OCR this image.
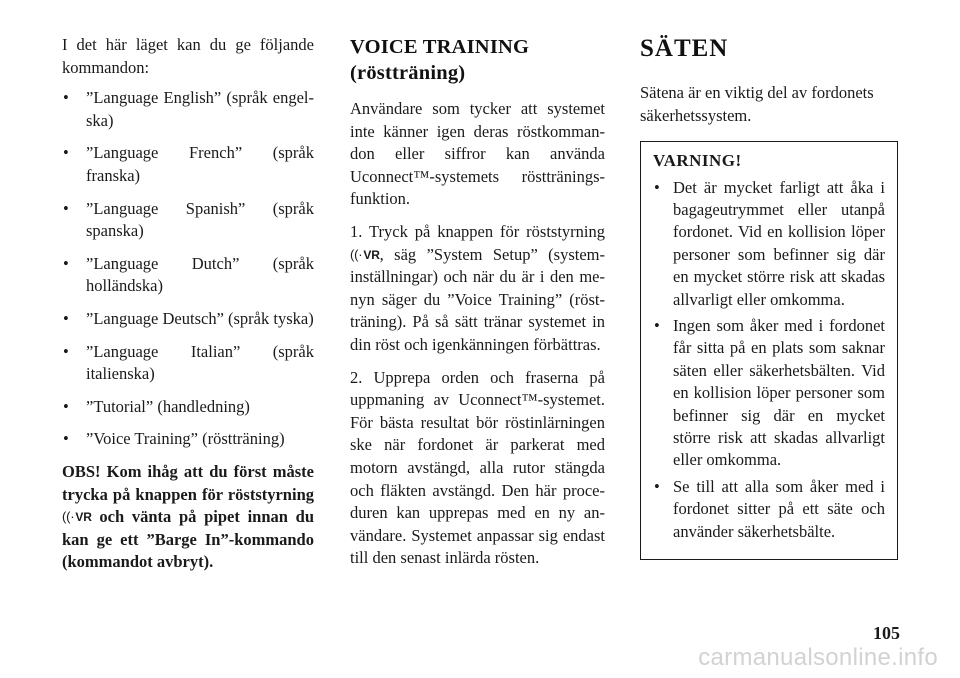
I det här läget kan du ge följande kommandon:

• ”Language English” (språk engelska)
• ”Language French” (språk franska)
• ”Language Spanish” (språk spanska)
• ”Language Dutch” (språk holländska)
• ”Language Deutsch” (språk tyska)
• ”Language Italian” (språk italienska)
• ”Tutorial” (handledning)
• ”Voice Training” (röstträning)

OBS! Kom ihåg att du först måste trycka på knappen för röststyrning ((·VR och vänta på pipet innan du kan ge ett ”Barge In”-kommando (kommandot avbryt).

VOICE TRAINING (röstträning)

Användare som tycker att systemet inte känner igen deras röstkommandon eller siffror kan använda Uconnect™-systemets röstträningsfunktion.

1. Tryck på knappen för röststyrning ((·VR, säg ”System Setup” (systeminställningar) och när du är i den menyn säger du ”Voice Training” (röstträning). På så sätt tränar systemet in din röst och igenkänningen förbättras.

2. Upprepa orden och fraserna på uppmaning av Uconnect™-systemet. För bästa resultat bör röstinlärningen ske när fordonet är parkerat med motorn avstängd, alla rutor stängda och fläkten avstängd. Den här proceduren kan upprepas med en ny användare. Systemet anpassar sig endast till den senast inlärda rösten.

SÄTEN

Sätena är en viktig del av fordonets säkerhetssystem.

VARNING!
• Det är mycket farligt att åka i bagageutrymmet eller utanpå fordonet. Vid en kollision löper personer som befinner sig där en mycket större risk att skadas allvarligt eller omkomma.
• Ingen som åker med i fordonet får sitta på en plats som saknar säten eller säkerhetsbälten. Vid en kollision löper personer som befinner sig där en mycket större risk att skadas allvarligt eller omkomma.
• Se till att alla som åker med i fordonet sitter på ett säte och använder säkerhetsbälte.
105
carmanualsonline.info
